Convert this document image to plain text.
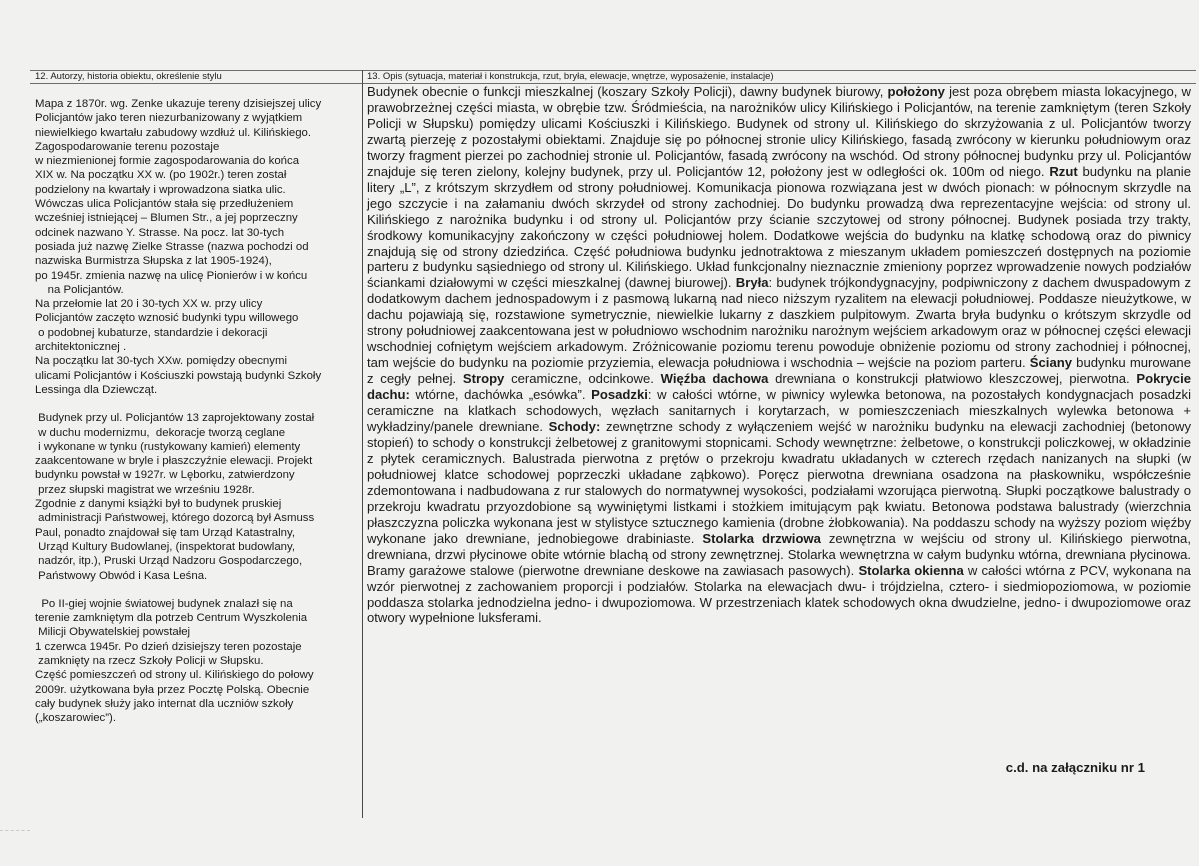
12. Autorzy, historia obiektu, określenie stylu	13. Opis (sytuacja, materiał i konstrukcja, rzut, bryła, elewacje, wnętrze, wyposażenie, instalacje)

Mapa z 1870r. wg. Zenke ukazuje tereny dzisiejszej ulicy
Policjantów jako teren niezurbanizowany z wyjątkiem
niewielkiego kwartału zabudowy wzdłuż ul. Kilińskiego.
Zagospodarowanie terenu pozostaje
w niezmienionej formie zagospodarowania do końca
XIX w. Na początku XX w. (po 1902r.) teren został
podzielony na kwartały i wprowadzona siatka ulic.
Wówczas ulica Policjantów stała się przedłużeniem
wcześniej istniejącej – Blumen Str., a jej poprzeczny
odcinek nazwano Y. Strasse. Na pocz. lat 30-tych
posiada już nazwę Zielke Strasse (nazwa pochodzi od
nazwiska Burmistrza Słupska z lat 1905-1924),
po 1945r. zmienia nazwę na ulicę Pionierów i w końcu
na Policjantów.
Na przełomie lat 20 i 30-tych XX w. przy ulicy
Policjantów zaczęto wznosić budynki typu willowego
o podobnej kubaturze, standardzie i dekoracji
architektonicznej .
Na początku lat 30-tych XXw. pomiędzy obecnymi
ulicami Policjantów i Kościuszki powstają budynki Szkoły
Lessinga dla Dziewcząt.

Budynek przy ul. Policjantów 13 zaprojektowany został
w duchu modernizmu,  dekoracje tworzą ceglane
i wykonane w tynku (rustykowany kamień) elementy
zaakcentowane w bryle i płaszczyźnie elewacji. Projekt
budynku powstał w 1927r. w Lęborku, zatwierdzony
przez słupski magistrat we wrześniu 1928r.
Zgodnie z danymi książki był to budynek pruskiej
administracji Państwowej, którego dozorcą był Asmuss
Paul, ponadto znajdował się tam Urząd Katastralny,
Urząd Kultury Budowlanej, (inspektorat budowlany,
nadzór, itp.), Pruski Urząd Nadzoru Gospodarczego,
Państwowy Obwód i Kasa Leśna.

Po II-giej wojnie światowej budynek znalazł się na
terenie zamkniętym dla potrzeb Centrum Wyszkolenia
Milicji Obywatelskiej powstałej
1 czerwca 1945r. Po dzień dzisiejszy teren pozostaje
zamknięty na rzecz Szkoły Policji w Słupsku.
Część pomieszczeń od strony ul. Kilińskiego do połowy
2009r. użytkowana była przez Pocztę Polską. Obecnie
cały budynek służy jako internat dla uczniów szkoły
(„koszarowiec”).

Budynek obecnie o funkcji mieszkalnej (koszary Szkoły Policji), dawny budynek biurowy, położony jest poza obrębem miasta lokacyjnego, w prawobrzeżnej części miasta, w obrębie tzw. Śródmieścia, na narożników ulicy Kilińskiego i Policjantów, na terenie zamkniętym (teren Szkoły Policji w Słupsku) pomiędzy ulicami Kościuszki i Kilińskiego. Budynek od strony ul. Kilińskiego do skrzyżowania z ul. Policjantów tworzy zwartą pierzeję z pozostałymi obiektami. Znajduje się po północnej stronie ulicy Kilińskiego, fasadą zwrócony w kierunku południowym oraz tworzy fragment pierzei po zachodniej stronie ul. Policjantów, fasadą zwrócony na wschód. Od strony północnej budynku przy ul. Policjantów znajduje się teren zielony, kolejny budynek, przy ul. Policjantów 12, położony jest w odległości ok. 100m od niego. Rzut budynku na planie litery „L”, z krótszym skrzydłem od strony południowej. Komunikacja pionowa rozwiązana jest w dwóch pionach: w północnym skrzydle na jego szczycie i na załamaniu dwóch skrzydeł od strony zachodniej. Do budynku prowadzą dwa reprezentacyjne wejścia: od strony ul. Kilińskiego z narożnika budynku i od strony ul. Policjantów przy ścianie szczytowej od strony północnej. Budynek posiada trzy trakty, środkowy komunikacyjny zakończony w części południowej holem. Dodatkowe wejścia do budynku na klatkę schodową oraz do piwnicy znajdują się od strony dziedzińca. Część południowa budynku jednotraktowa z mieszanym układem pomieszczeń dostępnych na poziomie parteru z budynku sąsiedniego od strony ul. Kilińskiego. Układ funkcjonalny nieznacznie zmieniony poprzez wprowadzenie nowych podziałów ściankami działowymi w części mieszkalnej (dawnej biurowej). Bryła: budynek trójkondygnacyjny, podpiwniczony z dachem dwuspadowym z dodatkowym dachem jednospadowym i z pasmową lukarną nad nieco niższym ryzalitem na elewacji południowej. Poddasze nieużytkowe, w dachu pojawiają się, rozstawione symetrycznie, niewielkie lukarny z daszkiem pulpitowym. Zwarta bryła budynku o krótszym skrzydle od strony południowej zaakcentowana jest w południowo wschodnim narożniku narożnym wejściem arkadowym oraz w północnej części elewacji wschodniej cofniętym wejściem arkadowym. Zróżnicowanie poziomu terenu powoduje obniżenie poziomu od strony zachodniej i północnej, tam wejście do budynku na poziomie przyziemia, elewacja południowa i wschodnia – wejście na poziom parteru. Ściany budynku murowane z cegły pełnej. Stropy ceramiczne, odcinkowe. Więźba dachowa drewniana o konstrukcji płatwiowo kleszczowej, pierwotna. Pokrycie dachu: wtórne, dachówka „esówka”. Posadzki: w całości wtórne, w piwnicy wylewka betonowa, na pozostałych kondygnacjach posadzki ceramiczne na klatkach schodowych, węzłach sanitarnych i korytarzach, w pomieszczeniach mieszkalnych wylewka betonowa + wykładziny/panele drewniane. Schody: zewnętrzne schody z wyłączeniem wejść w narożniku budynku na elewacji zachodniej (betonowy stopień) to schody o konstrukcji żelbetowej z granitowymi stopnicami. Schody wewnętrzne: żelbetowe, o konstrukcji policzkowej, w okładzinie z płytek ceramicznych. Balustrada pierwotna z prętów o przekroju kwadratu układanych w czterech rzędach nanizanych na słupki (w południowej klatce schodowej poprzeczki układane ząbkowo). Poręcz pierwotna drewniana osadzona na płaskowniku, współcześnie zdemontowana i nadbudowana z rur stalowych do normatywnej wysokości, podziałami wzorująca pierwotną. Słupki początkowe balustrady o przekroju kwadratu przyozdobione są wywiniętymi listkami i stożkiem imitującym pąk kwiatu. Betonowa podstawa balustrady (wierzchnia płaszczyzna policzka wykonana jest w stylistyce sztucznego kamienia (drobne żłobkowania). Na poddaszu schody na wyższy poziom więźby wykonane jako drewniane, jednobiegowe drabiniaste. Stolarka drzwiowa zewnętrzna w wejściu od strony ul. Kilińskiego pierwotna, drewniana, drzwi płycinowe obite wtórnie blachą od strony zewnętrznej. Stolarka wewnętrzna w całym budynku wtórna, drewniana płycinowa. Bramy garażowe stalowe (pierwotne drewniane deskowe na zawiasach pasowych). Stolarka okienna w całości wtórna z PCV, wykonana na wzór pierwotnej z zachowaniem proporcji i podziałów. Stolarka na elewacjach dwu- i trójdzielna, cztero- i siedmiopoziomowa, w poziomie poddasza stolarka jednodzielna jedno- i dwupoziomowa. W przestrzeniach klatek schodowych okna dwudzielne, jedno- i dwupoziomowe oraz otwory wypełnione luksferami.

c.d. na załączniku nr 1
